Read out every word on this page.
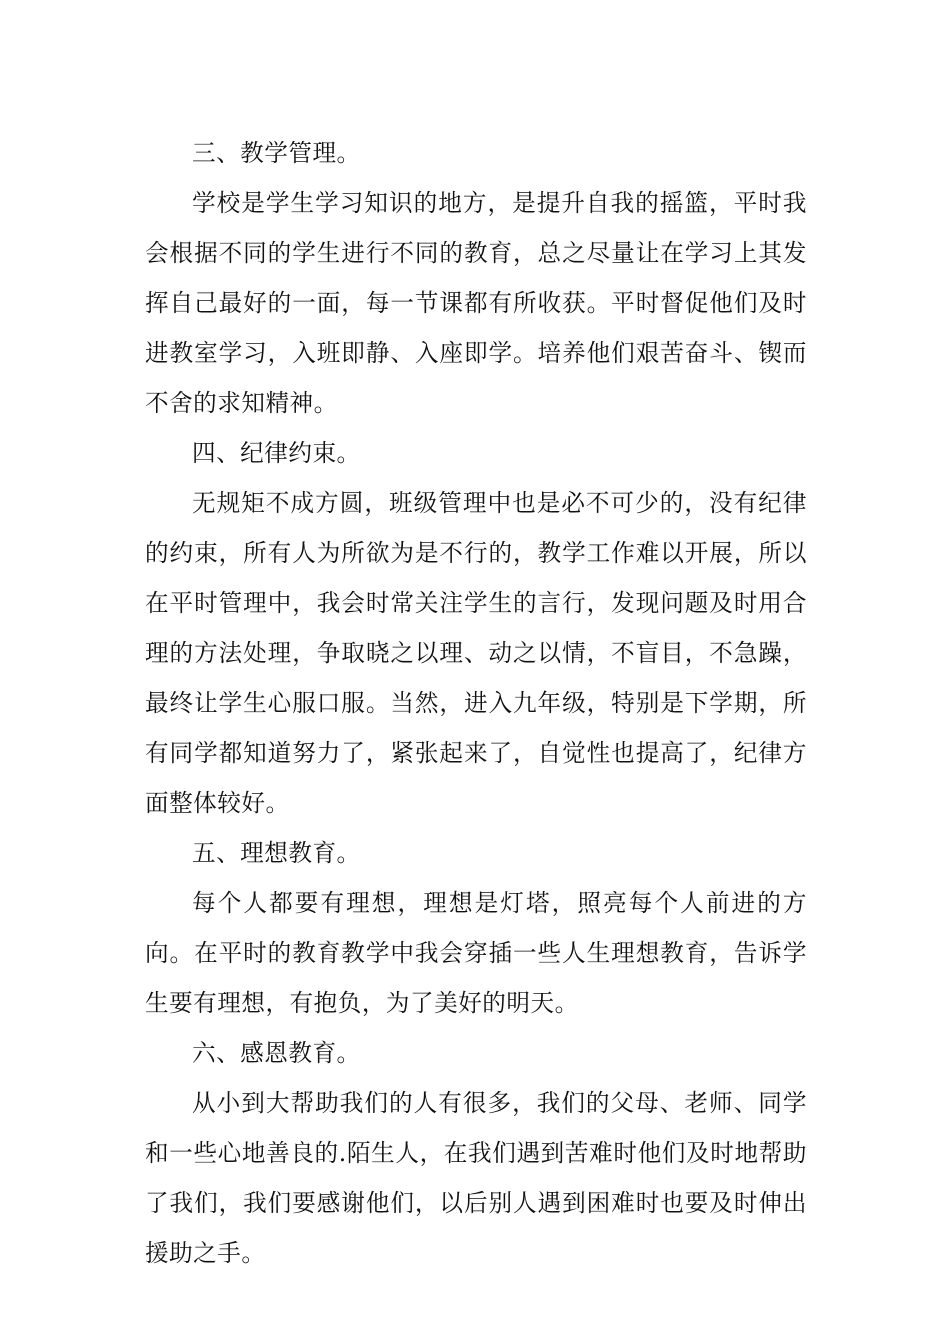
三、教学管理。

学校是学生学习知识的地方，是提升自我的摇篮，平时我会根据不同的学生进行不同的教育，总之尽量让在学习上其发挥自己最好的一面，每一节课都有所收获。平时督促他们及时进教室学习，入班即静、入座即学。培养他们艰苦奋斗、锲而不舍的求知精神。

四、纪律约束。

无规矩不成方圆，班级管理中也是必不可少的，没有纪律的约束，所有人为所欲为是不行的，教学工作难以开展，所以在平时管理中，我会时常关注学生的言行，发现问题及时用合理的方法处理，争取晓之以理、动之以情，不盲目，不急躁，最终让学生心服口服。当然，进入九年级，特别是下学期，所有同学都知道努力了，紧张起来了，自觉性也提高了，纪律方面整体较好。

五、理想教育。

每个人都要有理想，理想是灯塔，照亮每个人前进的方向。在平时的教育教学中我会穿插一些人生理想教育，告诉学生要有理想，有抱负，为了美好的明天。

六、感恩教育。

从小到大帮助我们的人有很多，我们的父母、老师、同学和一些心地善良的.陌生人，在我们遇到苦难时他们及时地帮助了我们，我们要感谢他们，以后别人遇到困难时也要及时伸出援助之手。
